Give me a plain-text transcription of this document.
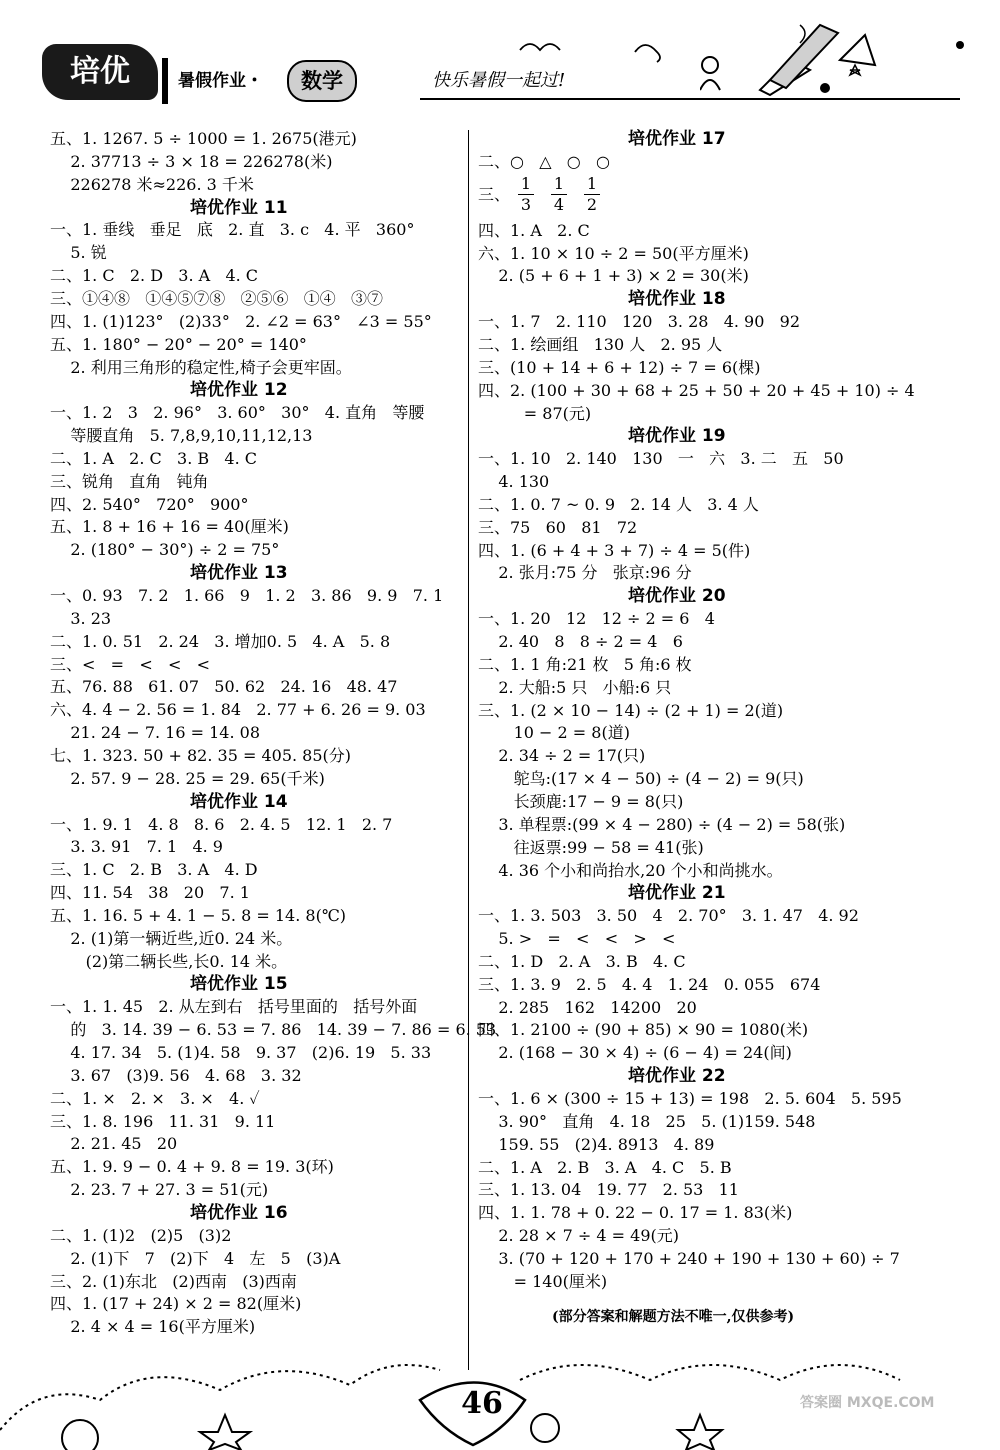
培优	暑假作业・	数学	快乐暑假一起过!
五、1. 1267. 5 ÷ 1000 = 1. 2675(港元)
2. 37713 ÷ 3 × 18 = 226278(米)
226278 米≈226. 3 千米
培优作业 11
一、1. 垂线   垂足   底   2. 直   3. c   4. 平   360°
5. 锐
二、1. C   2. D   3. A   4. C
三、①④⑧   ①④⑤⑦⑧   ②⑤⑥   ①④   ③⑦
四、1. (1)123°   (2)33°   2. ∠2 = 63°   ∠3 = 55°
五、1. 180° − 20° − 20° = 140°
2. 利用三角形的稳定性,椅子会更牢固。
培优作业 12
一、1. 2   3   2. 96°   3. 60°   30°   4. 直角   等腰
等腰直角   5. 7,8,9,10,11,12,13
二、1. A   2. C   3. B   4. C
三、锐角   直角   钝角
四、2. 540°   720°   900°
五、1. 8 + 16 + 16 = 40(厘米)
2. (180° − 30°) ÷ 2 = 75°
培优作业 13
一、0. 93   7. 2   1. 66   9   1. 2   3. 86   9. 9   7. 1
3. 23
二、1. 0. 51   2. 24   3. 增加0. 5   4. A   5. 8
三、<   =   <   <   <
五、76. 88   61. 07   50. 62   24. 16   48. 47
六、4. 4 − 2. 56 = 1. 84   2. 77 + 6. 26 = 9. 03
21. 24 − 7. 16 = 14. 08
七、1. 323. 50 + 82. 35 = 405. 85(分)
2. 57. 9 − 28. 25 = 29. 65(千米)
培优作业 14
一、1. 9. 1   4. 8   8. 6   2. 4. 5   12. 1   2. 7
3. 3. 91   7. 1   4. 9
三、1. C   2. B   3. A   4. D
四、11. 54   38   20   7. 1
五、1. 16. 5 + 4. 1 − 5. 8 = 14. 8(℃)
2. (1)第一辆近些,近0. 24 米。
(2)第二辆长些,长0. 14 米。
培优作业 15
一、1. 1. 45   2. 从左到右   括号里面的   括号外面
的   3. 14. 39 − 6. 53 = 7. 86   14. 39 − 7. 86 = 6. 53
4. 17. 34   5. (1)4. 58   9. 37   (2)6. 19   5. 33
3. 67   (3)9. 56   4. 68   3. 32
二、1. ×   2. ×   3. ×   4. ✓
三、1. 8. 196   11. 31   9. 11
2. 21. 45   20
五、1. 9. 9 − 0. 4 + 9. 8 = 19. 3(环)
2. 23. 7 + 27. 3 = 51(元)
培优作业 16
二、1. (1)2   (2)5   (3)2
2. (1)下   7   (2)下   4   左   5   (3)A
三、2. (1)东北   (2)西南   (3)西南
四、1. (17 + 24) × 2 = 82(厘米)
2. 4 × 4 = 16(平方厘米)
培优作业 17
二、○   △   ○   ○
三、 $\frac{1}{3} \frac{1}{4} \frac{1}{2}$
四、1. A   2. C
六、1. 10 × 10 ÷ 2 = 50(平方厘米)
2. (5 + 6 + 1 + 3) × 2 = 30(米)
培优作业 18
一、1. 7   2. 110   120   3. 28   4. 90   92
二、1. 绘画组   130 人   2. 95 人
三、(10 + 14 + 6 + 12) ÷ 7 = 6(棵)
四、2. (100 + 30 + 68 + 25 + 50 + 20 + 45 + 10) ÷ 4
= 87(元)
培优作业 19
一、1. 10   2. 140   130   一   六   3. 二   五   50
4. 130
二、1. 0. 7 ~ 0. 9   2. 14 人   3. 4 人
三、75   60   81   72
四、1. (6 + 4 + 3 + 7) ÷ 4 = 5(件)
2. 张月:75 分   张京:96 分
培优作业 20
一、1. 20   12   12 ÷ 2 = 6   4
2. 40   8   8 ÷ 2 = 4   6
二、1. 1 角:21 枚   5 角:6 枚
2. 大船:5 只   小船:6 只
三、1. (2 × 10 − 14) ÷ (2 + 1) = 2(道)
10 − 2 = 8(道)
2. 34 ÷ 2 = 17(只)
鸵鸟:(17 × 4 − 50) ÷ (4 − 2) = 9(只)
长颈鹿:17 − 9 = 8(只)
3. 单程票:(99 × 4 − 280) ÷ (4 − 2) = 58(张)
往返票:99 − 58 = 41(张)
4. 36 个小和尚抬水,20 个小和尚挑水。
培优作业 21
一、1. 3. 503   3. 50   4   2. 70°   3. 1. 47   4. 92
5. >   =   <   <   >   <
二、1. D   2. A   3. B   4. C
三、1. 3. 9   2. 5   4. 4   1. 24   0. 055   674
2. 285   162   14200   20
四、1. 2100 ÷ (90 + 85) × 90 = 1080(米)
2. (168 − 30 × 4) ÷ (6 − 4) = 24(间)
培优作业 22
一、1. 6 × (300 ÷ 15 + 13) = 198   2. 5. 604   5. 595
3. 90°   直角   4. 18   25   5. (1)159. 548
159. 55   (2)4. 8913   4. 89
二、1. A   2. B   3. A   4. C   5. B
三、1. 13. 04   19. 77   2. 53   11
四、1. 1. 78 + 0. 22 − 0. 17 = 1. 83(米)
2. 28 × 7 ÷ 4 = 49(元)
3. (70 + 120 + 170 + 240 + 190 + 130 + 60) ÷ 7
= 140(厘米)
(部分答案和解题方法不唯一,仅供参考)
46	答案圈 MXQE.COM
